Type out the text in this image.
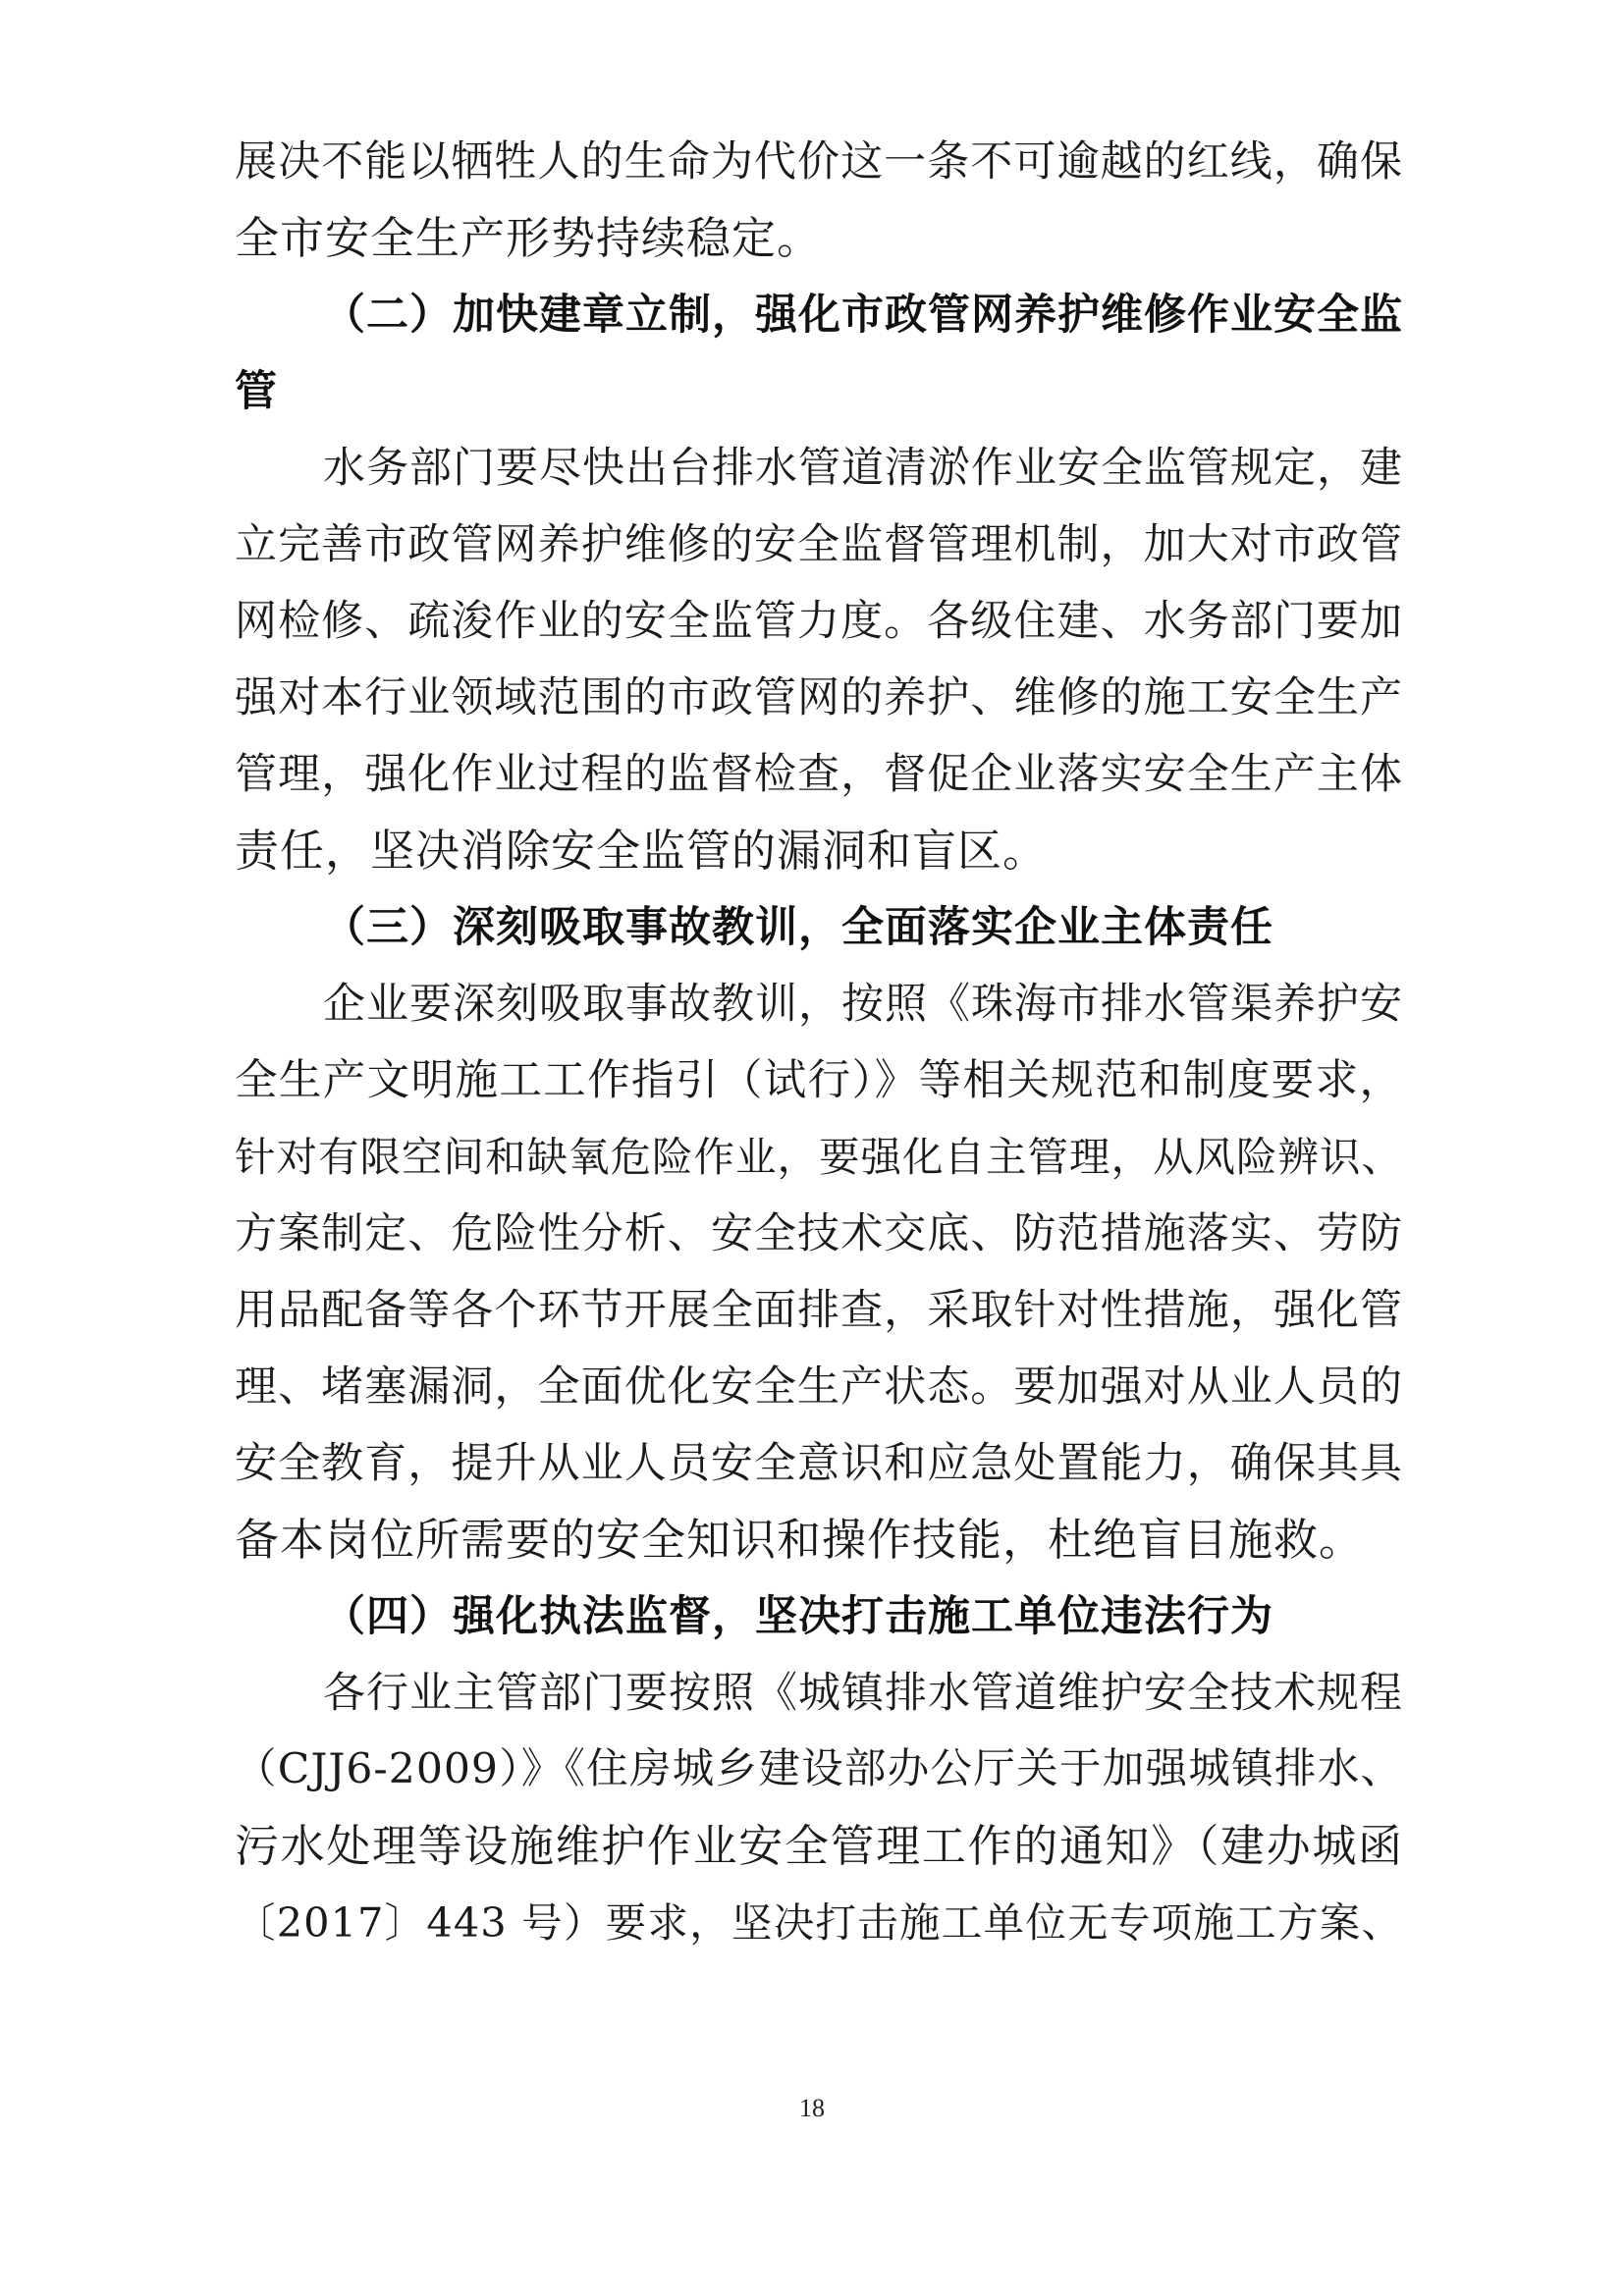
展决不能以牺牲人的生命为代价这一条不可逾越的红线，确保
全市安全生产形势持续稳定。
（二）加快建章立制，强化市政管网养护维修作业安全监
管
水务部门要尽快出台排水管道清淤作业安全监管规定，建
立完善市政管网养护维修的安全监督管理机制，加大对市政管
网检修、疏浚作业的安全监管力度。各级住建、水务部门要加
强对本行业领域范围的市政管网的养护、维修的施工安全生产
管理，强化作业过程的监督检查，督促企业落实安全生产主体
责任，坚决消除安全监管的漏洞和盲区。
（三）深刻吸取事故教训，全面落实企业主体责任
企业要深刻吸取事故教训，按照《珠海市排水管渠养护安
全生产文明施工工作指引（试行）》等相关规范和制度要求，
针对有限空间和缺氧危险作业，要强化自主管理，从风险辨识、
方案制定、危险性分析、安全技术交底、防范措施落实、劳防
用品配备等各个环节开展全面排查，采取针对性措施，强化管
理、堵塞漏洞，全面优化安全生产状态。要加强对从业人员的
安全教育，提升从业人员安全意识和应急处置能力，确保其具
备本岗位所需要的安全知识和操作技能，杜绝盲目施救。
（四）强化执法监督，坚决打击施工单位违法行为
各行业主管部门要按照《城镇排水管道维护安全技术规程
（CJJ6-2009）》《住房城乡建设部办公厅关于加强城镇排水、
污水处理等设施维护作业安全管理工作的通知》（建办城函
〔2017〕443 号）要求，坚决打击施工单位无专项施工方案、
18
